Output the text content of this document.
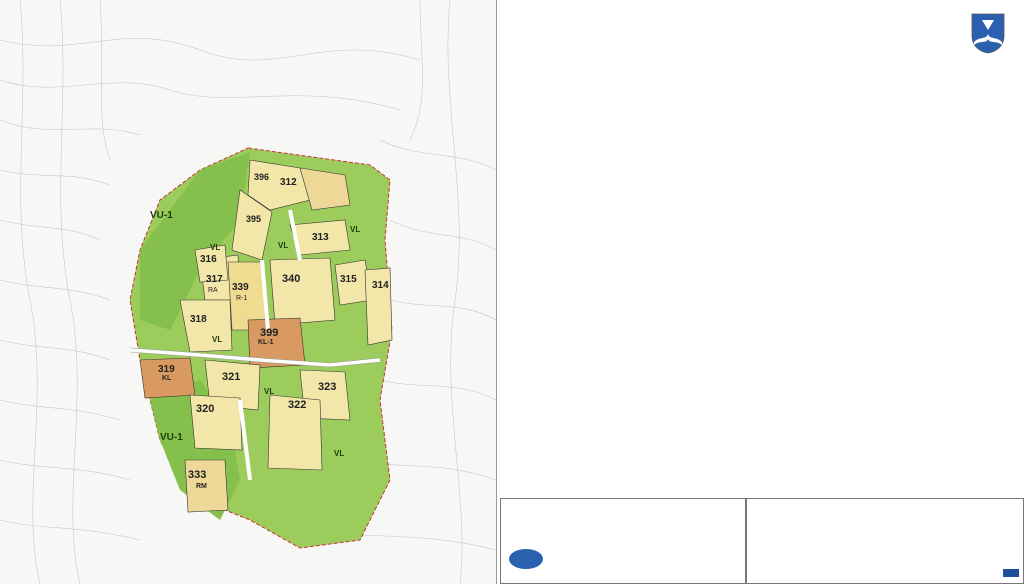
312
396
395
313
317
339
316
340	315
314
318
399
319
321
323
322
320
333
KL-1
KL
RM
R-1
RA
VU-1
VU-1
VL	VL
VL
VL
VL
VL
